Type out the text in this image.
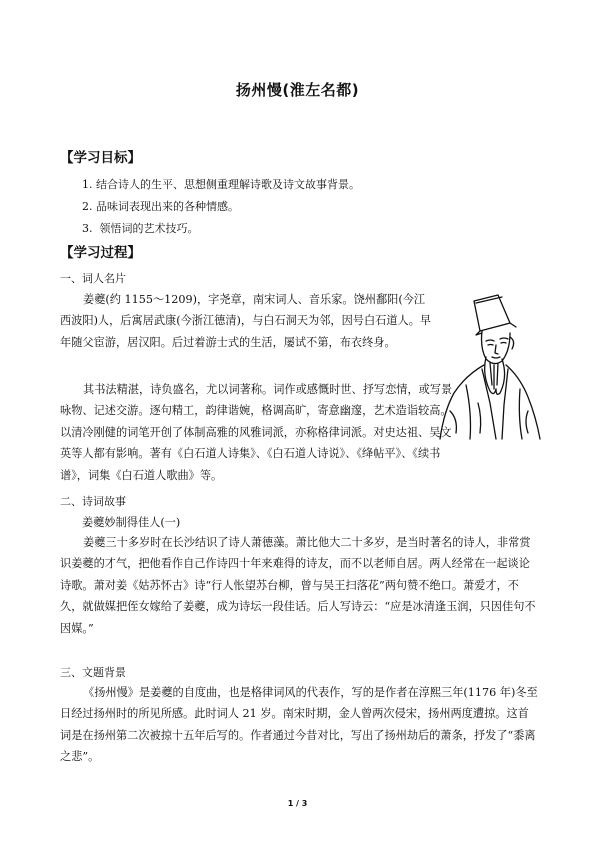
扬州慢(淮左名都)
【学习目标】
1. 结合诗人的生平、思想侧重理解诗歌及诗文故事背景。
2. 品味词表现出来的各种情感。
3.  领悟词的艺术技巧。
【学习过程】
一、词人名片

姜夔(约 1155～1209)，字尧章，南宋词人、音乐家。饶州鄱阳(今江西波阳)人，后寓居武康(今浙江德清)，与白石洞天为邻，因号白石道人。早年随父宦游，居汉阳。后过着游士式的生活，屡试不第，布衣终身。

其书法精湛，诗负盛名，尤以词著称。词作或感慨时世、抒写恋情，或写景咏物、记述交游。逐句精工，韵律谐婉，格调高旷，寄意幽邃，艺术造诣较高。以清冷刚健的词笔开创了体制高雅的风雅词派，亦称格律词派。对史达祖、吴文英等人都有影响。著有《白石道人诗集》、《白石道人诗说》、《绛帖平》、《续书谱》，词集《白石道人歌曲》等。

二、诗词故事
姜夔妙制得佳人(一)

姜夔三十多岁时在长沙结识了诗人萧德藻。萧比他大二十多岁，是当时著名的诗人，非常赏识姜夔的才气，把他看作自己作诗四十年来难得的诗友，而不以老师自居。两人经常在一起谈论诗歌。萧对姜《姑苏怀古》诗“行人怅望苏台柳，曾与吴王扫落花”两句赞不绝口。萧爱才，不久，就做媒把侄女嫁给了姜夔，成为诗坛一段佳话。后人写诗云：“应是冰清逢玉润，只因佳句不因媒。”

三、文题背景

《扬州慢》是姜夔的自度曲，也是格律词风的代表作，写的是作者在淳熙三年(1176 年)冬至日经过扬州时的所见所感。此时词人 21 岁。南宋时期，金人曾两次侵宋，扬州两度遭掠。这首词是在扬州第二次被掠十五年后写的。作者通过今昔对比，写出了扬州劫后的萧条，抒发了“黍离之悲”。

1 / 3
